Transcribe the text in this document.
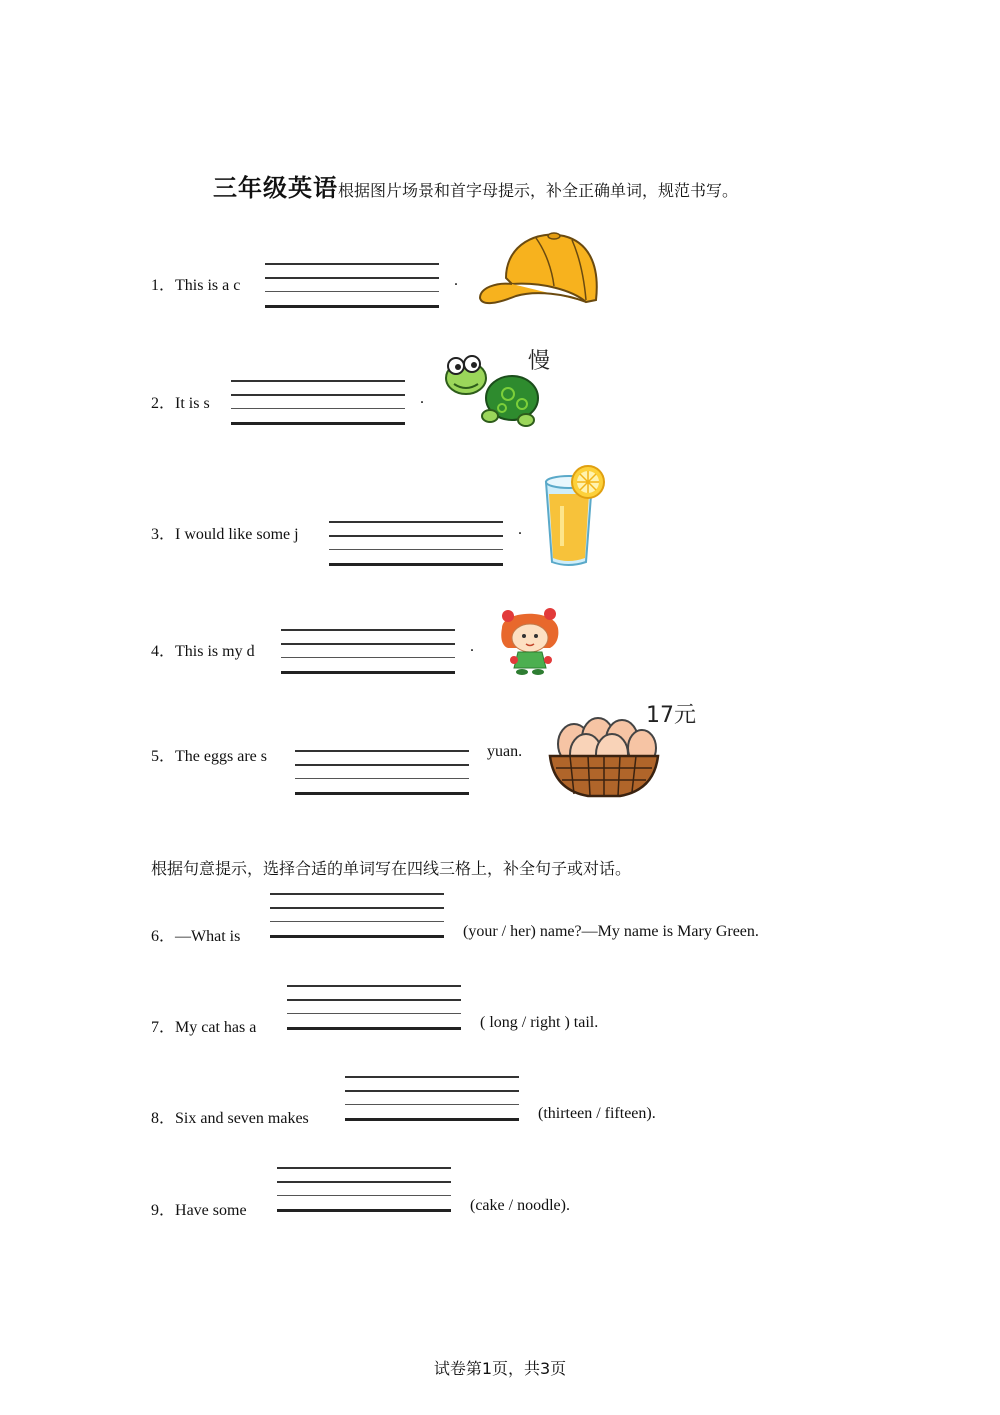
三年级英语根据图片场景和首字母提示，补全正确单词，规范书写。
1．This is a c	.
2．It is s	.
慢
3．I would like some j	.
4．This is my d	.
5．The eggs are s	yuan.
17元
根据句意提示，选择合适的单词写在四线三格上，补全句子或对话。
6．—What is	(your / her) name?—My name is Mary Green.
7．My cat has a	( long / right ) tail.
8．Six and seven makes	(thirteen / fifteen).
9．Have some	(cake / noodle).
试卷第1页，共3页
